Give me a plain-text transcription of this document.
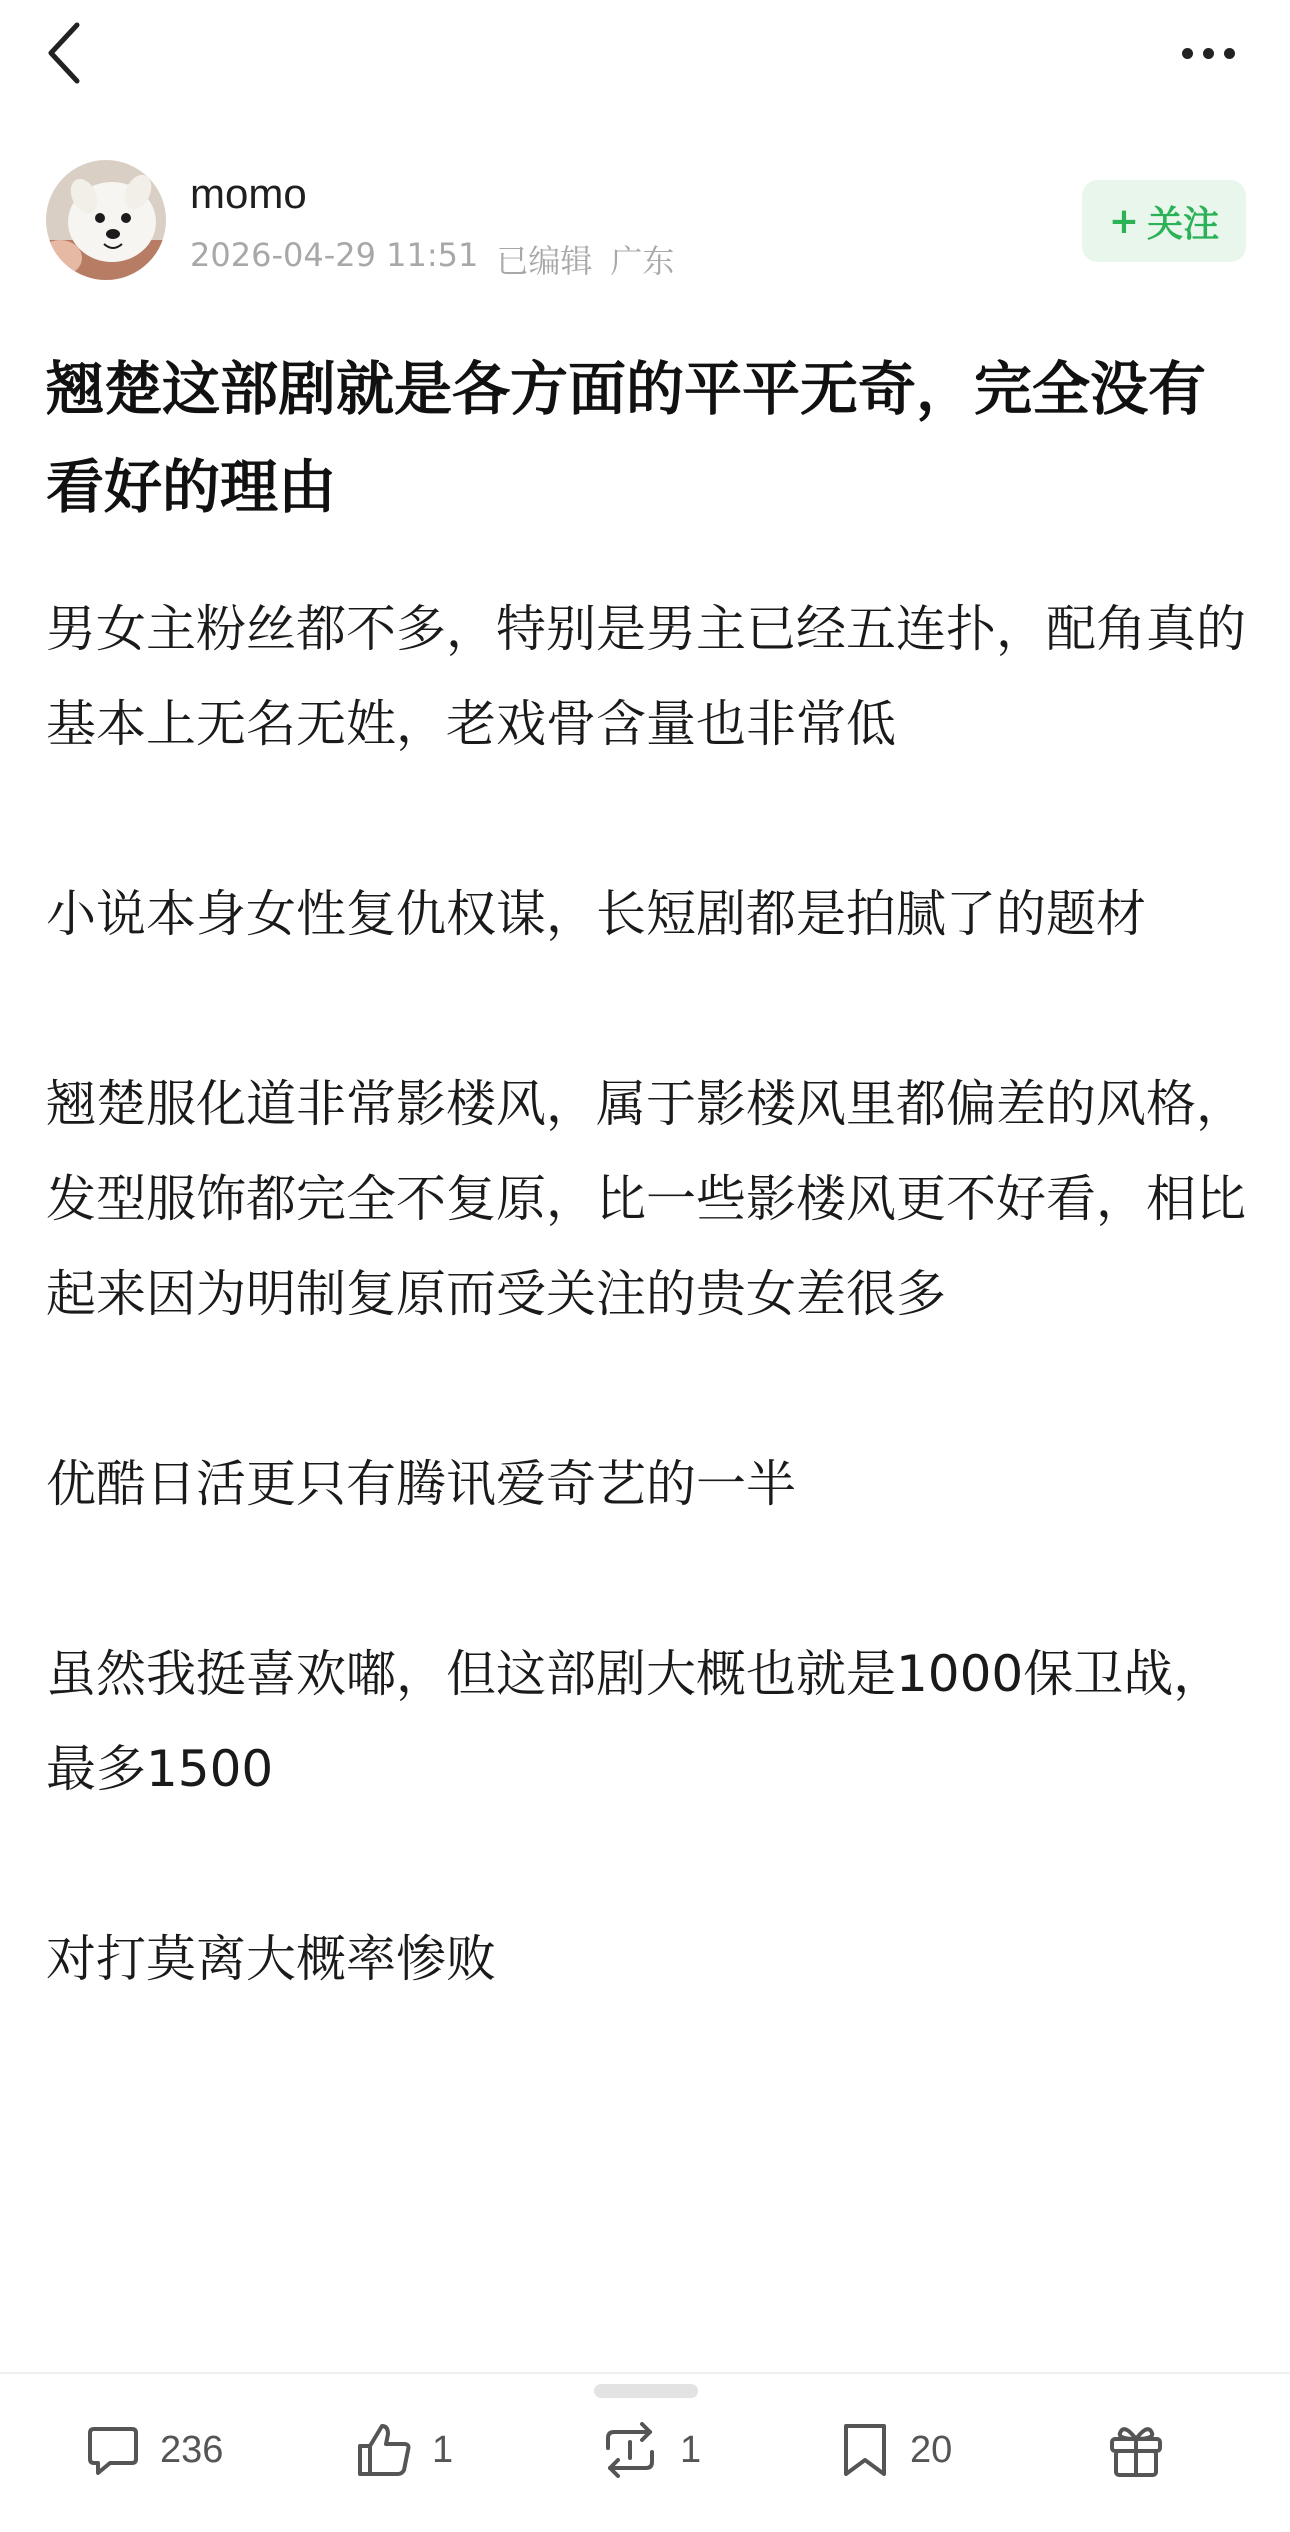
momo
2026-04-29 11:51 已编辑 广东
+ 关注
翘楚这部剧就是各方面的平平无奇，完全没有看好的理由

男女主粉丝都不多，特别是男主已经五连扑，配角真的基本上无名无姓，老戏骨含量也非常低

小说本身女性复仇权谋，长短剧都是拍腻了的题材

翘楚服化道非常影楼风，属于影楼风里都偏差的风格，发型服饰都完全不复原，比一些影楼风更不好看，相比起来因为明制复原而受关注的贵女差很多

优酷日活更只有腾讯爱奇艺的一半

虽然我挺喜欢嘟，但这部剧大概也就是1000保卫战，最多1500

对打莫离大概率惨败

236	1	1	20
